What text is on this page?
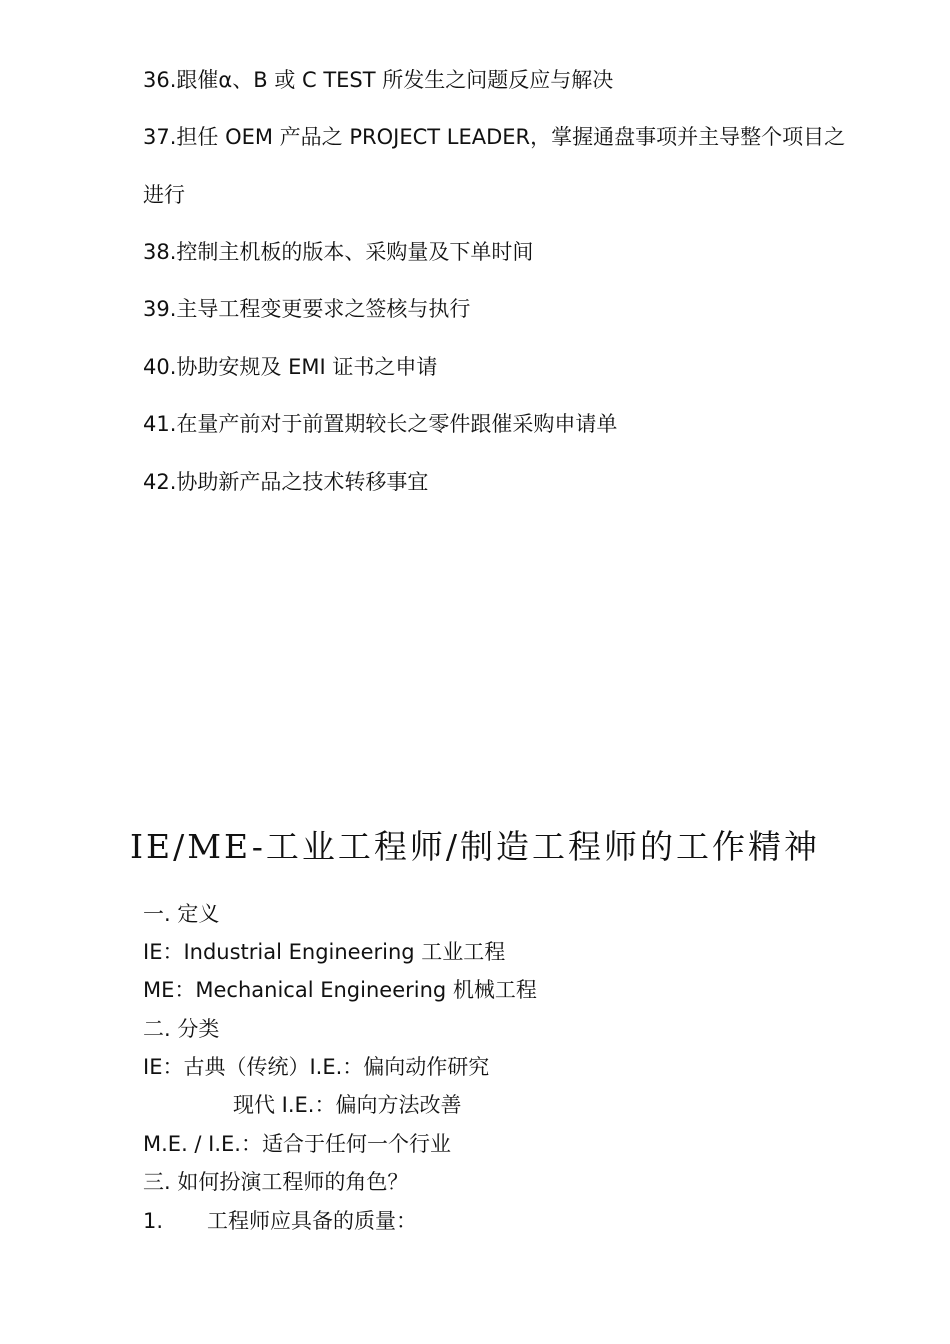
36.跟催α、B 或 C TEST 所发生之问题反应与解决
37.担任 OEM 产品之 PROJECT LEADER，掌握通盘事项并主导整个项目之
进行
38.控制主机板的版本、采购量及下单时间
39.主导工程变更要求之签核与执行
40.协助安规及 EMI 证书之申请
41.在量产前对于前置期较长之零件跟催采购申请单
42.协助新产品之技术转移事宜
IE/ME-工业工程师/制造工程师的工作精神
一. 定义
IE：Industrial Engineering 工业工程
ME：Mechanical Engineering 机械工程
二. 分类
IE：古典（传统）I.E.：偏向动作研究
现代 I.E.：偏向方法改善
M.E. / I.E.：适合于任何一个行业
三. 如何扮演工程师的角色？
1. 工程师应具备的质量：
